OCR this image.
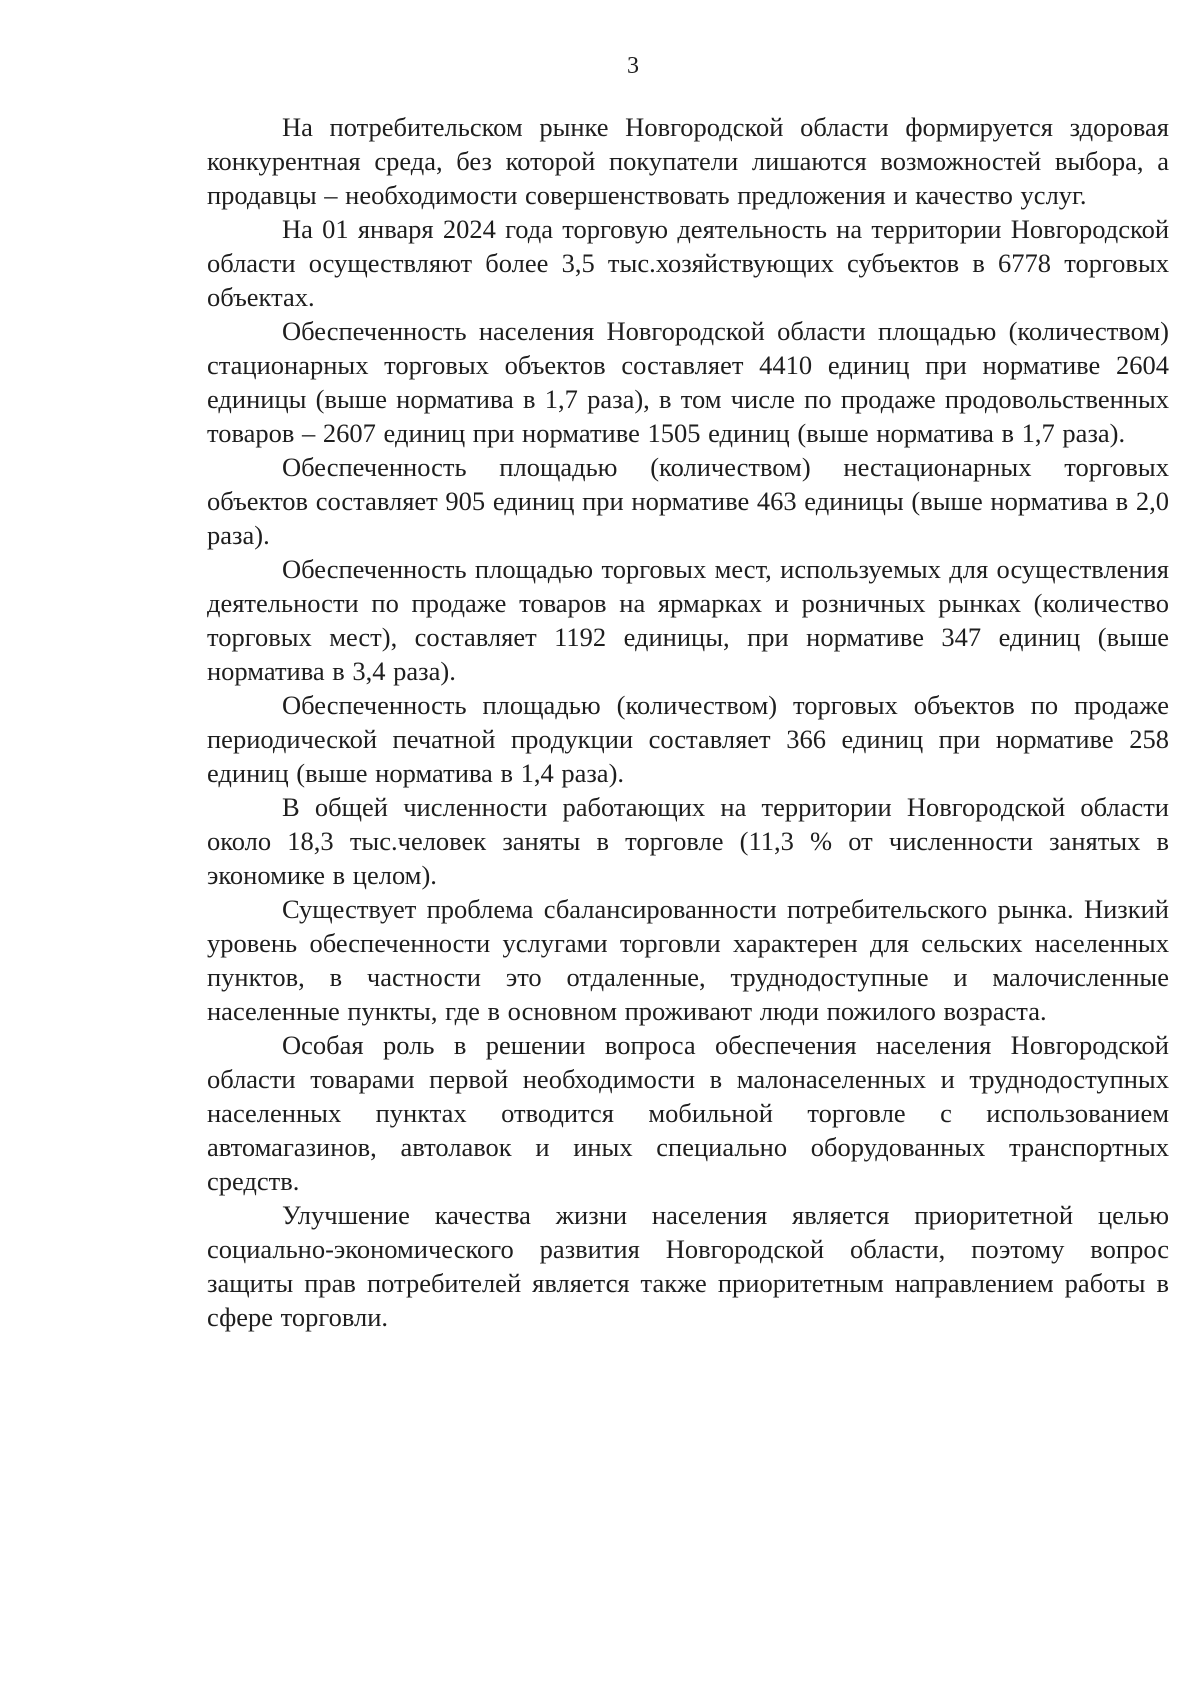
3

На потребительском рынке Новгородской области формируется здоровая конкурентная среда, без которой покупатели лишаются возможностей выбора, а продавцы – необходимости совершенствовать предложения и качество услуг.

На 01 января 2024 года торговую деятельность на территории Новгородской области осуществляют более 3,5 тыс.хозяйствующих субъектов в 6778 торговых объектах.

Обеспеченность населения Новгородской области площадью (количеством) стационарных торговых объектов составляет 4410 единиц при нормативе 2604 единицы (выше норматива в 1,7 раза), в том числе по продаже продовольственных товаров – 2607 единиц при нормативе 1505 единиц (выше норматива в 1,7 раза).

Обеспеченность площадью (количеством) нестационарных торговых объектов составляет 905 единиц при нормативе 463 единицы (выше норматива в 2,0 раза).

Обеспеченность площадью торговых мест, используемых для осуществления деятельности по продаже товаров на ярмарках и розничных рынках (количество торговых мест), составляет 1192 единицы, при нормативе 347 единиц (выше норматива в 3,4 раза).

Обеспеченность площадью (количеством) торговых объектов по продаже периодической печатной продукции составляет 366 единиц при нормативе 258 единиц (выше норматива в 1,4 раза).

В общей численности работающих на территории Новгородской области около 18,3 тыс.человек заняты в торговле (11,3 % от численности занятых в экономике в целом).

Существует проблема сбалансированности потребительского рынка. Низкий уровень обеспеченности услугами торговли характерен для сельских населенных пунктов, в частности это отдаленные, труднодоступные и малочисленные населенные пункты, где в основном проживают люди пожилого возраста.

Особая роль в решении вопроса обеспечения населения Новгородской области товарами первой необходимости в малонаселенных и труднодоступных населенных пунктах отводится мобильной торговле с использованием автомагазинов, автолавок и иных специально оборудованных транспортных средств.

Улучшение качества жизни населения является приоритетной целью социально-экономического развития Новгородской области, поэтому вопрос защиты прав потребителей является также приоритетным направлением работы в сфере торговли.
